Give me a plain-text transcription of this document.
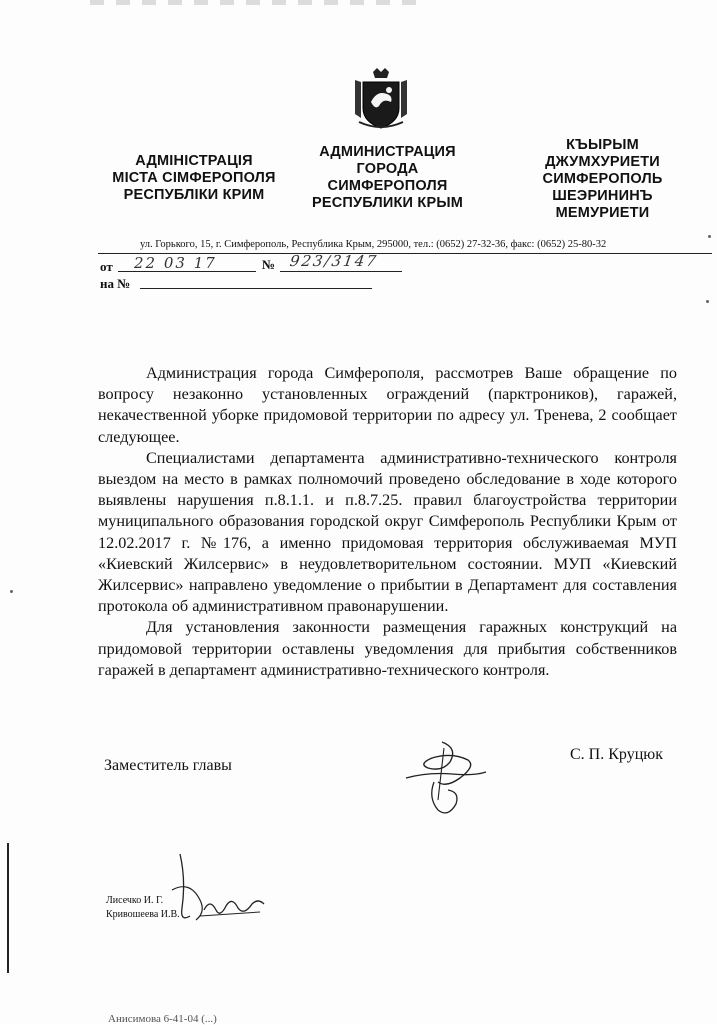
АДМІНІСТРАЦІЯ
МІСТА СІМФЕРОПОЛЯ
РЕСПУБЛІКИ КРИМ
АДМИНИСТРАЦИЯ
ГОРОДА
СИМФЕРОПОЛЯ
РЕСПУБЛИКИ КРЫМ
КЪЫРЫМ
ДЖУМХУРИЕТИ
СИМФЕРОПОЛЬ
ШЕЭРИНИНЪ
МЕМУРИЕТИ
ул. Горького, 15, г. Симферополь, Республика Крым, 295000, тел.: (0652) 27-32-36, факс: (0652) 25-80-32
от 22 03 17	№ 923/3147
на №

Администрация города Симферополя, рассмотрев Ваше обращение по вопросу незаконно установленных ограждений (парктроников), гаражей, некачественной уборке придомовой территории по адресу ул. Тренева, 2 сообщает следующее.

Специалистами департамента административно-технического контроля выездом на место в рамках полномочий проведено обследование в ходе которого выявлены нарушения п.8.1.1. и п.8.7.25. правил благоустройства территории муниципального образования городской округ Симферополь Республики Крым от 12.02.2017 г. №176, а именно придомовая территория обслуживаемая МУП «Киевский Жилсервис» в неудовлетворительном состоянии. МУП «Киевский Жилсервис» направлено уведомление о прибытии в Департамент для составления протокола об административном правонарушении.

Для установления законности размещения гаражных конструкций на придомовой территории оставлены уведомления для прибытия собственников гаражей в департамент административно-технического контроля.

Заместитель главы
С. П. Круцюк
Лисечко И. Г.
Кривошеева И.В.
Анисимова 6-41-04 (...)
